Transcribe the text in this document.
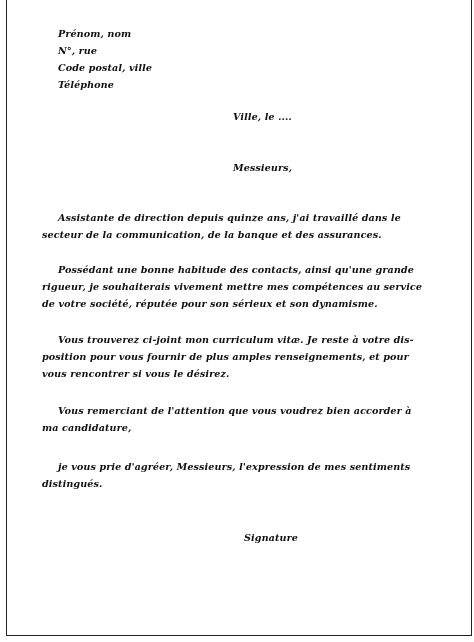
Prénom, nom
N°, rue
Code postal, ville
Téléphone
Ville, le ....
Messieurs,
Assistante de direction depuis quinze ans, j'ai travaillé dans le
secteur de la communication, de la banque et des assurances.
Possédant une bonne habitude des contacts, ainsi qu'une grande
rigueur, je souhaiterais vivement mettre mes compétences au service
de votre société, réputée pour son sérieux et son dynamisme.
Vous trouverez ci-joint mon curriculum vitæ. Je reste à votre dis-
position pour vous fournir de plus amples renseignements, et pour
vous rencontrer si vous le désirez.
Vous remerciant de l'attention que vous voudrez bien accorder à
ma candidature,
je vous prie d'agréer, Messieurs, l'expression de mes sentiments
distingués.
Signature
